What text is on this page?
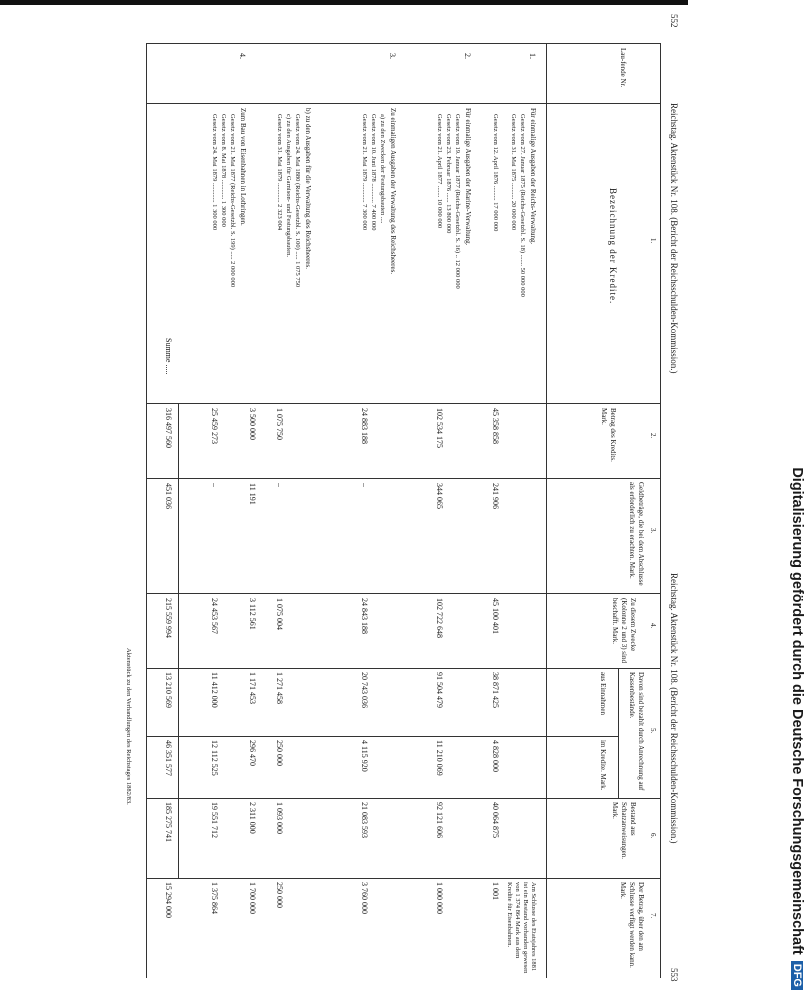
Digitalisierung gefördert durch die Deutsche Forschungsgemeinschaft
DFG
552
Reichstag. Aktenstück Nr. 108. (Bericht der Reichsschulden-Kommission.)
Reichstag. Aktenstück Nr. 108. (Bericht der Reichsschulden-Kommission.)
553
Lau-fende Nr.
1.
Bezeichnung der Kredite.
2.
Betrag des Kredits. Mark.
3.
Geldbeträge, die bei dem Abschlusse als erforderlich zu erachten. Mark.
4.
Zu diesem Zwecke (Kolonne 2 und 3) sind beschafft. Mark.
5.
Davon sind bezahlt durch Anrechnung auf Kassenbestände.
aus Einnahmen
im Kredite. Mark.
6.
Bestand aus Schatzanweisungen. Mark.
7.
Der Betrag, über den am Schlusse verfügt werden kann. Mark.
1.
Für einmalige Ausgaben der Reichs-Verwaltung.
Gesetz vom 27. Januar 1875 (Reichs-Gesetzbl. S. 18) ....... 50 000 000
Gesetz vom 31. Mai 1875 .......... 20 000 000
Gesetz vom 12. April 1876 ......... 17 000 000
45 358 858
241 906
45 100 401
38 871 425
4 828 000
40 064 875
1 001
2.
Für einmalige Ausgaben der Marine-Verwaltung.
Gesetz vom 19. Januar 1877 (Reichs-Gesetzbl. S. 16) .. 12 000 000
Gesetz vom 23. Februar 1876 ...... 13 800 000
Gesetz vom 21. April 1877 ....... 10 000 000
102 534 175
344 065
102 722 648
91 504 479
11 210 069
92 121 606
1 000 000
3.
Zu einmaligen Ausgaben der Verwaltung des Reichsheeres.
a) zu den Zwecken der Festungsbauten ....
Gesetz vom 10. Juni 1878 ............ 7 400 000
Gesetz vom 21. Mai 1879 ............ 7 300 000
24 883 188
–
24 843 188
20 743 036
4 115 920
21 083 593
3 760 000
b) zu den Ausgaben für die Verwaltung des Reichsheeres.
Gesetz vom 24. Mai 1880 (Reichs-Gesetzbl. S. 100) ..... 1 075 750
c) zu den Ausgaben für Garnison- und Festungsbauten.
Gesetz vom 31. Mai 1879 ............ 2 323 004
1 075 750
–
1 075 004
1 271 458
250 000
1 093 000
250 000
3 500 000
11 191
3 112 561
1 171 453
296 470
2 311 000
1 700 000
4.
Zum Bau von Eisenbahnen in Lothringen.
Gesetz vom 21. Mai 1877 (Reichs-Gesetzbl. S. 199) ..... 2 000 000
Gesetz vom 8. Mai 1878 ............ 1 300 000
Gesetz vom 24. Mai 1879 ............ 1 300 000
25 459 273
–
24 453 567
11 412 000
12 112 525
19 551 712
1 375 864
Summe .....
316 497 560
451 036
215 559 994
13 210 569
46 351 577
185 275 741
15 294 000	Am Schlusse des Etatsjahres 1881 ist ein Bestand vorhanden gewesen von 1 374 864 Mark aus dem Kredite für Eisenbahnen.
Aktenstück zu den Verhandlungen des Reichstages 1882/83.
